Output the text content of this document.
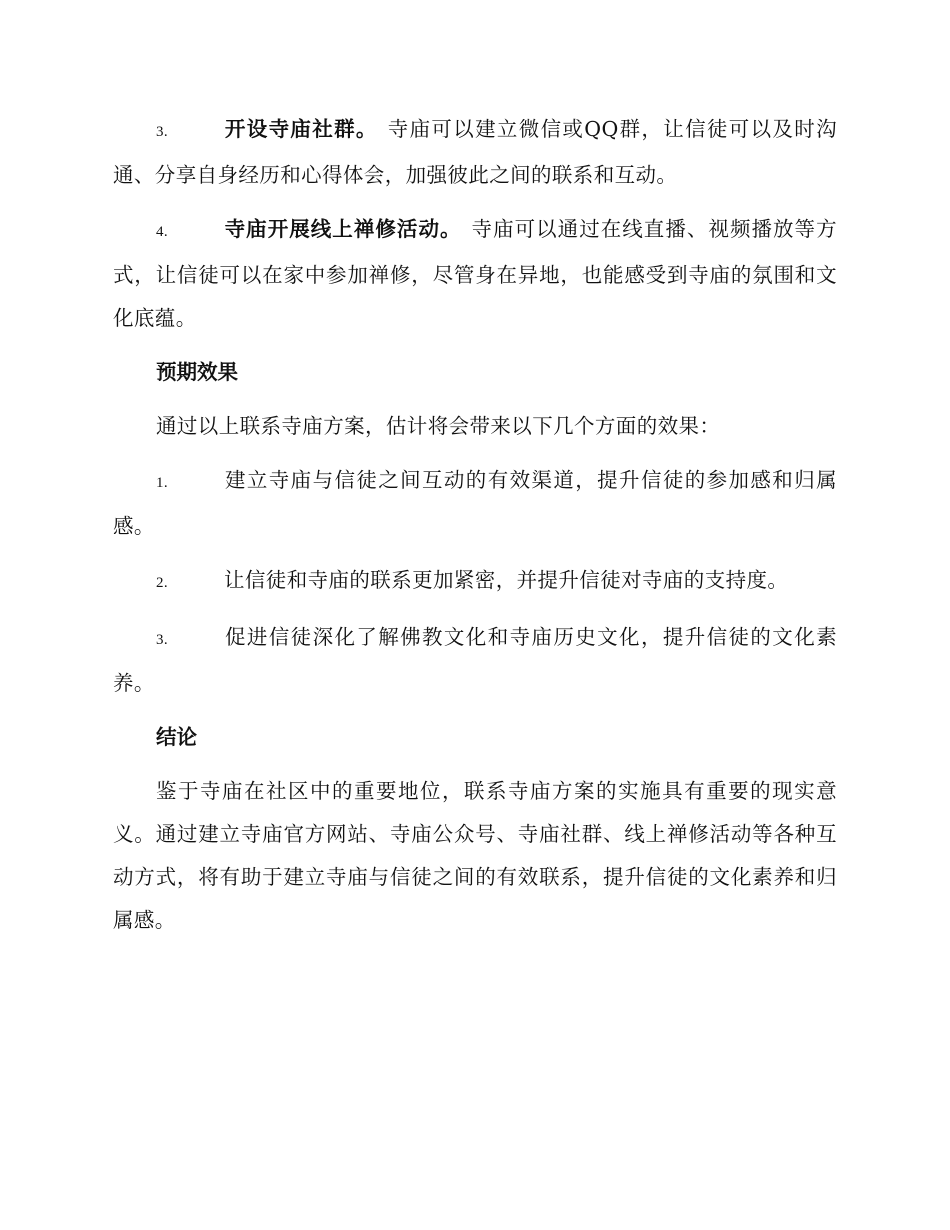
3.	开设寺庙社群。 寺庙可以建立微信或QQ群，让信徒可以及时沟通、分享自身经历和心得体会，加强彼此之间的联系和互动。

4.	寺庙开展线上禅修活动。 寺庙可以通过在线直播、视频播放等方式，让信徒可以在家中参加禅修，尽管身在异地，也能感受到寺庙的氛围和文化底蕴。

预期效果

通过以上联系寺庙方案，估计将会带来以下几个方面的效果：

1.	建立寺庙与信徒之间互动的有效渠道，提升信徒的参加感和归属感。

2.	让信徒和寺庙的联系更加紧密，并提升信徒对寺庙的支持度。

3.	促进信徒深化了解佛教文化和寺庙历史文化，提升信徒的文化素养。

结论

鉴于寺庙在社区中的重要地位，联系寺庙方案的实施具有重要的现实意义。通过建立寺庙官方网站、寺庙公众号、寺庙社群、线上禅修活动等各种互动方式，将有助于建立寺庙与信徒之间的有效联系，提升信徒的文化素养和归属感。
